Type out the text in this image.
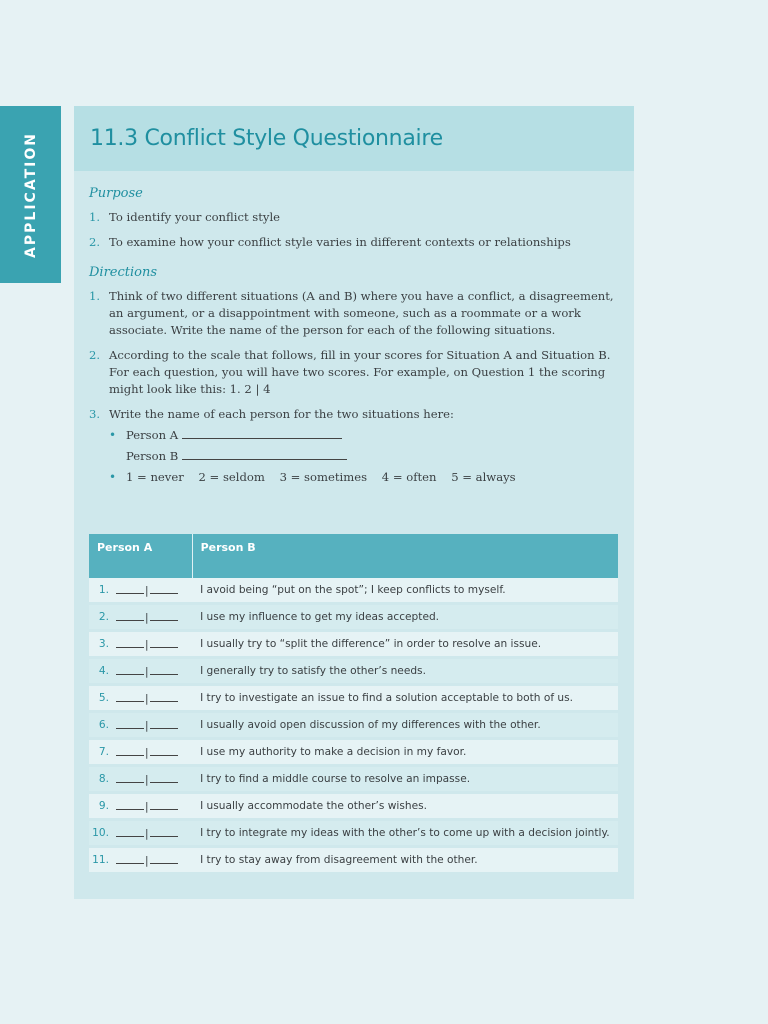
APPLICATION 11.3 Conflict Style Questionnaire
Purpose
1. To identify your conflict style
2. To examine how your conflict style varies in different contexts or relationships
Directions
1. Think of two different situations (A and B) where you have a conflict, a disagreement, an argument, or a disappointment with someone, such as a roommate or a work associate. Write the name of the person for each of the following situations.
2. According to the scale that follows, fill in your scores for Situation A and Situation B. For each question, you will have two scores. For example, on Question 1 the scoring might look like this: 1. 2 | 4
3. Write the name of each person for the two situations here:
• Person A
Person B
• 1 = never    2 = seldom    3 = sometimes    4 = often    5 = always
Person A		Person B
1.	|	I avoid being “put on the spot”; I keep conflicts to myself.
2.	|	I use my influence to get my ideas accepted.
3.	|	I usually try to “split the difference” in order to resolve an issue.
4.	|	I generally try to satisfy the other’s needs.
5.	|	I try to investigate an issue to find a solution acceptable to both of us.
6.	|	I usually avoid open discussion of my differences with the other.
7.	|	I use my authority to make a decision in my favor.
8.	|	I try to find a middle course to resolve an impasse.
9.	|	I usually accommodate the other’s wishes.
10.	|	I try to integrate my ideas with the other’s to come up with a decision jointly.
11.	|	I try to stay away from disagreement with the other.
